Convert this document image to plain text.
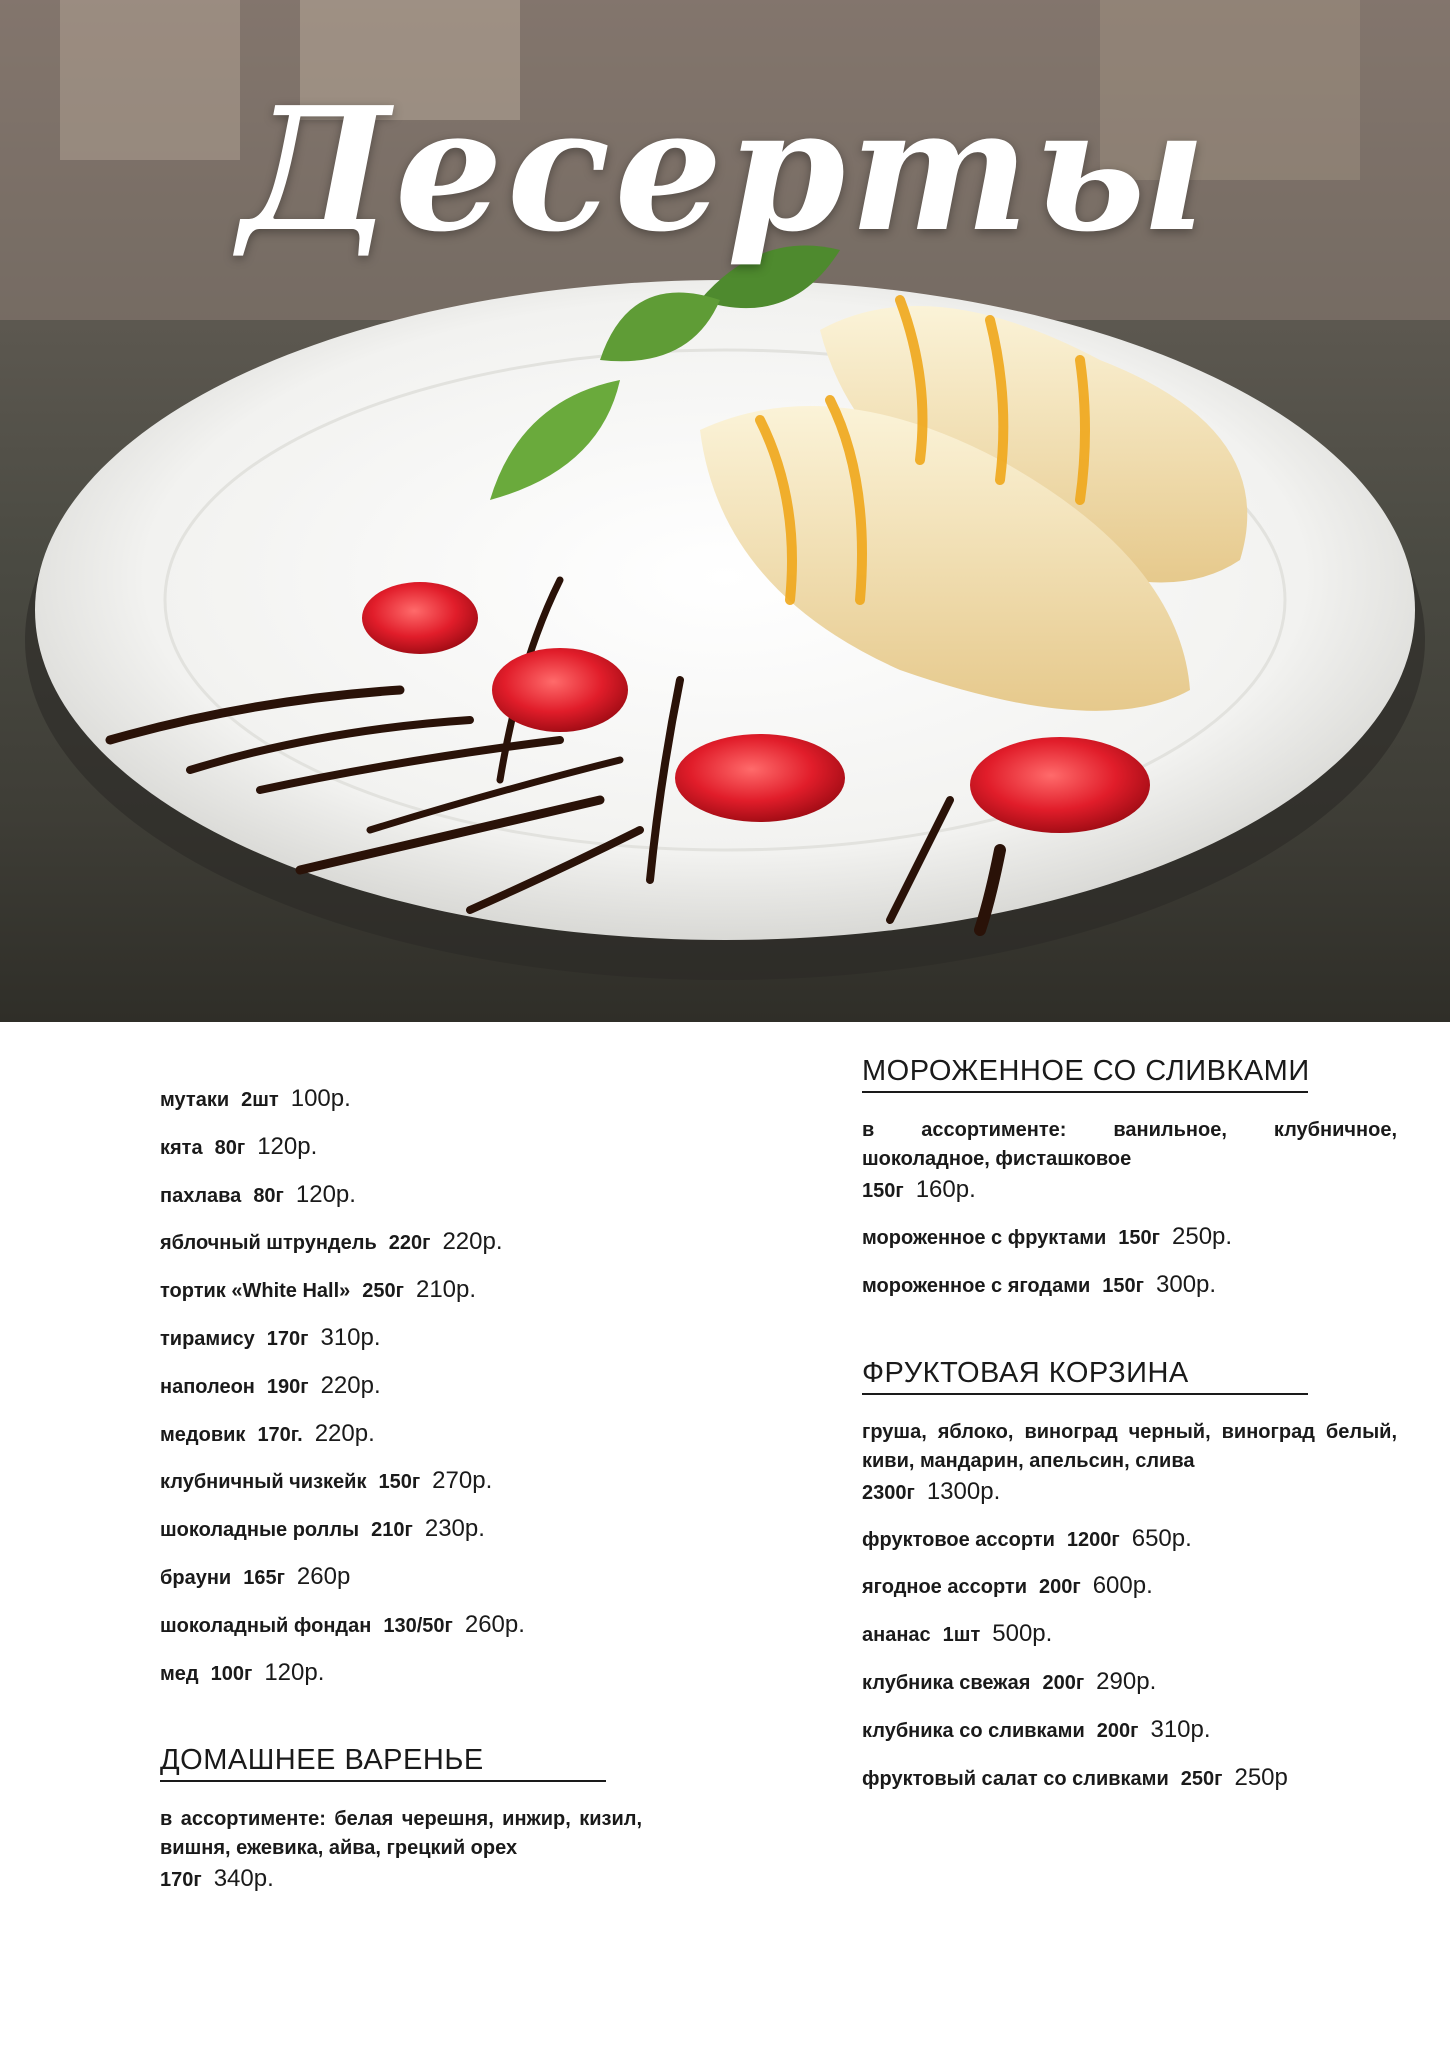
Десерты
мутаки 2шт 100р.
кята 80г 120р.
пахлава 80г 120р.
яблочный штрундель 220г 220р.
тортик «White Hall» 250г 210р.
тирамису 170г 310р.
наполеон 190г 220р.
медовик 170г. 220р.
клубничный чизкейк 150г 270р.
шоколадные роллы 210г 230р.
брауни 165г 260р
шоколадный фондан 130/50г 260р.
мед 100г 120р.
ДОМАШНЕЕ ВАРЕНЬЕ
в ассортименте: белая черешня, инжир, кизил, вишня, ежевика, айва, грецкий орех
170г 340р.
МОРОЖЕННОЕ СО СЛИВКАМИ
в ассортименте: ванильное, клубничное, шоколадное, фисташковое
150г 160р.
мороженное с фруктами 150г 250р.
мороженное с ягодами 150г 300р.
ФРУКТОВАЯ КОРЗИНА
груша, яблоко, виноград черный, виноград белый, киви, мандарин, апельсин, слива
2300г 1300р.
фруктовое ассорти 1200г 650р.
ягодное ассорти 200г 600р.
ананас 1шт 500р.
клубника свежая 200г 290р.
клубника со сливками 200г 310р.
фруктовый салат со сливками 250г 250р
